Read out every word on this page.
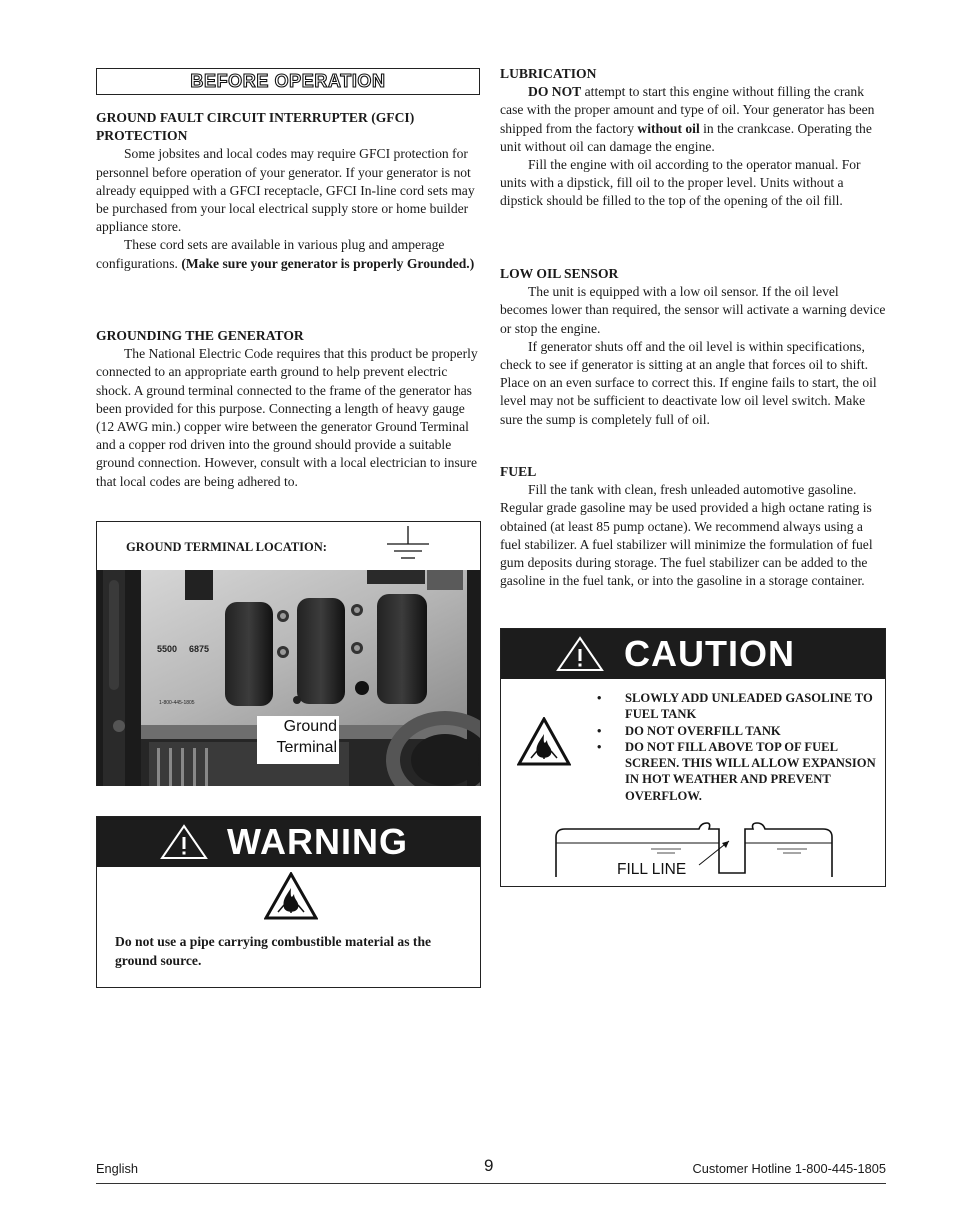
BEFORE OPERATION
GROUND FAULT CIRCUIT INTERRUPTER (GFCI) PROTECTION

Some jobsites and local codes may require GFCI protection for personnel before operation of your generator. If your generator is not already equipped with a GFCI receptacle, GFCI In-line cord sets may be purchased from your local electrical supply store or home builder appliance store.

These cord sets are available in various plug and amperage configurations. (Make sure your generator is properly Grounded.)

GROUNDING THE GENERATOR

The National Electric Code requires that this product be properly connected to an appropriate earth ground to help prevent electric shock. A ground terminal connected to the frame of the generator has been provided for this purpose. Connecting a length of heavy gauge (12 AWG min.) copper wire between the generator Ground Terminal and a copper rod driven into the ground should provide a suitable ground connection. However, consult with a local electrician to insure that local codes are being adhered to.

GROUND TERMINAL LOCATION:
5500 6875
1-800-445-1805
Ground
Terminal
WARNING
Do not use a pipe carrying combustible material as the ground source.
LUBRICATION

DO NOT attempt to start this engine without filling the crank case with the proper amount and type of oil. Your generator has been shipped from the factory without oil in the crankcase. Operating the unit without oil can damage the engine.

Fill the engine with oil according to the operator manual. For units with a dipstick, fill oil to the proper level. Units without a dipstick should be filled to the top of the opening of the oil fill.

LOW OIL SENSOR

The unit is equipped with a low oil sensor. If the oil level becomes lower than required, the sensor will activate a warning device or stop the engine.

If generator shuts off and the oil level is within specifications, check to see if generator is sitting at an angle that forces oil to shift. Place on an even surface to correct this. If engine fails to start, the oil level may not be sufficient to deactivate low oil level switch. Make sure the sump is completely full of oil.

FUEL

Fill the tank with clean, fresh unleaded automotive gasoline. Regular grade gasoline may be used provided a high octane rating is obtained (at least 85 pump octane). We recommend always using a fuel stabilizer. A fuel stabilizer will minimize the formulation of fuel gum deposits during storage. The fuel stabilizer can be added to the gasoline in the fuel tank, or into the gasoline in a storage container.

CAUTION
• SLOWLY ADD UNLEADED GASOLINE TO FUEL TANK
• DO NOT OVERFILL TANK
• DO NOT FILL ABOVE TOP OF FUEL SCREEN. THIS WILL ALLOW EXPANSION IN HOT WEATHER AND PREVENT OVERFLOW.
FILL LINE
English	9	Customer Hotline 1-800-445-1805
